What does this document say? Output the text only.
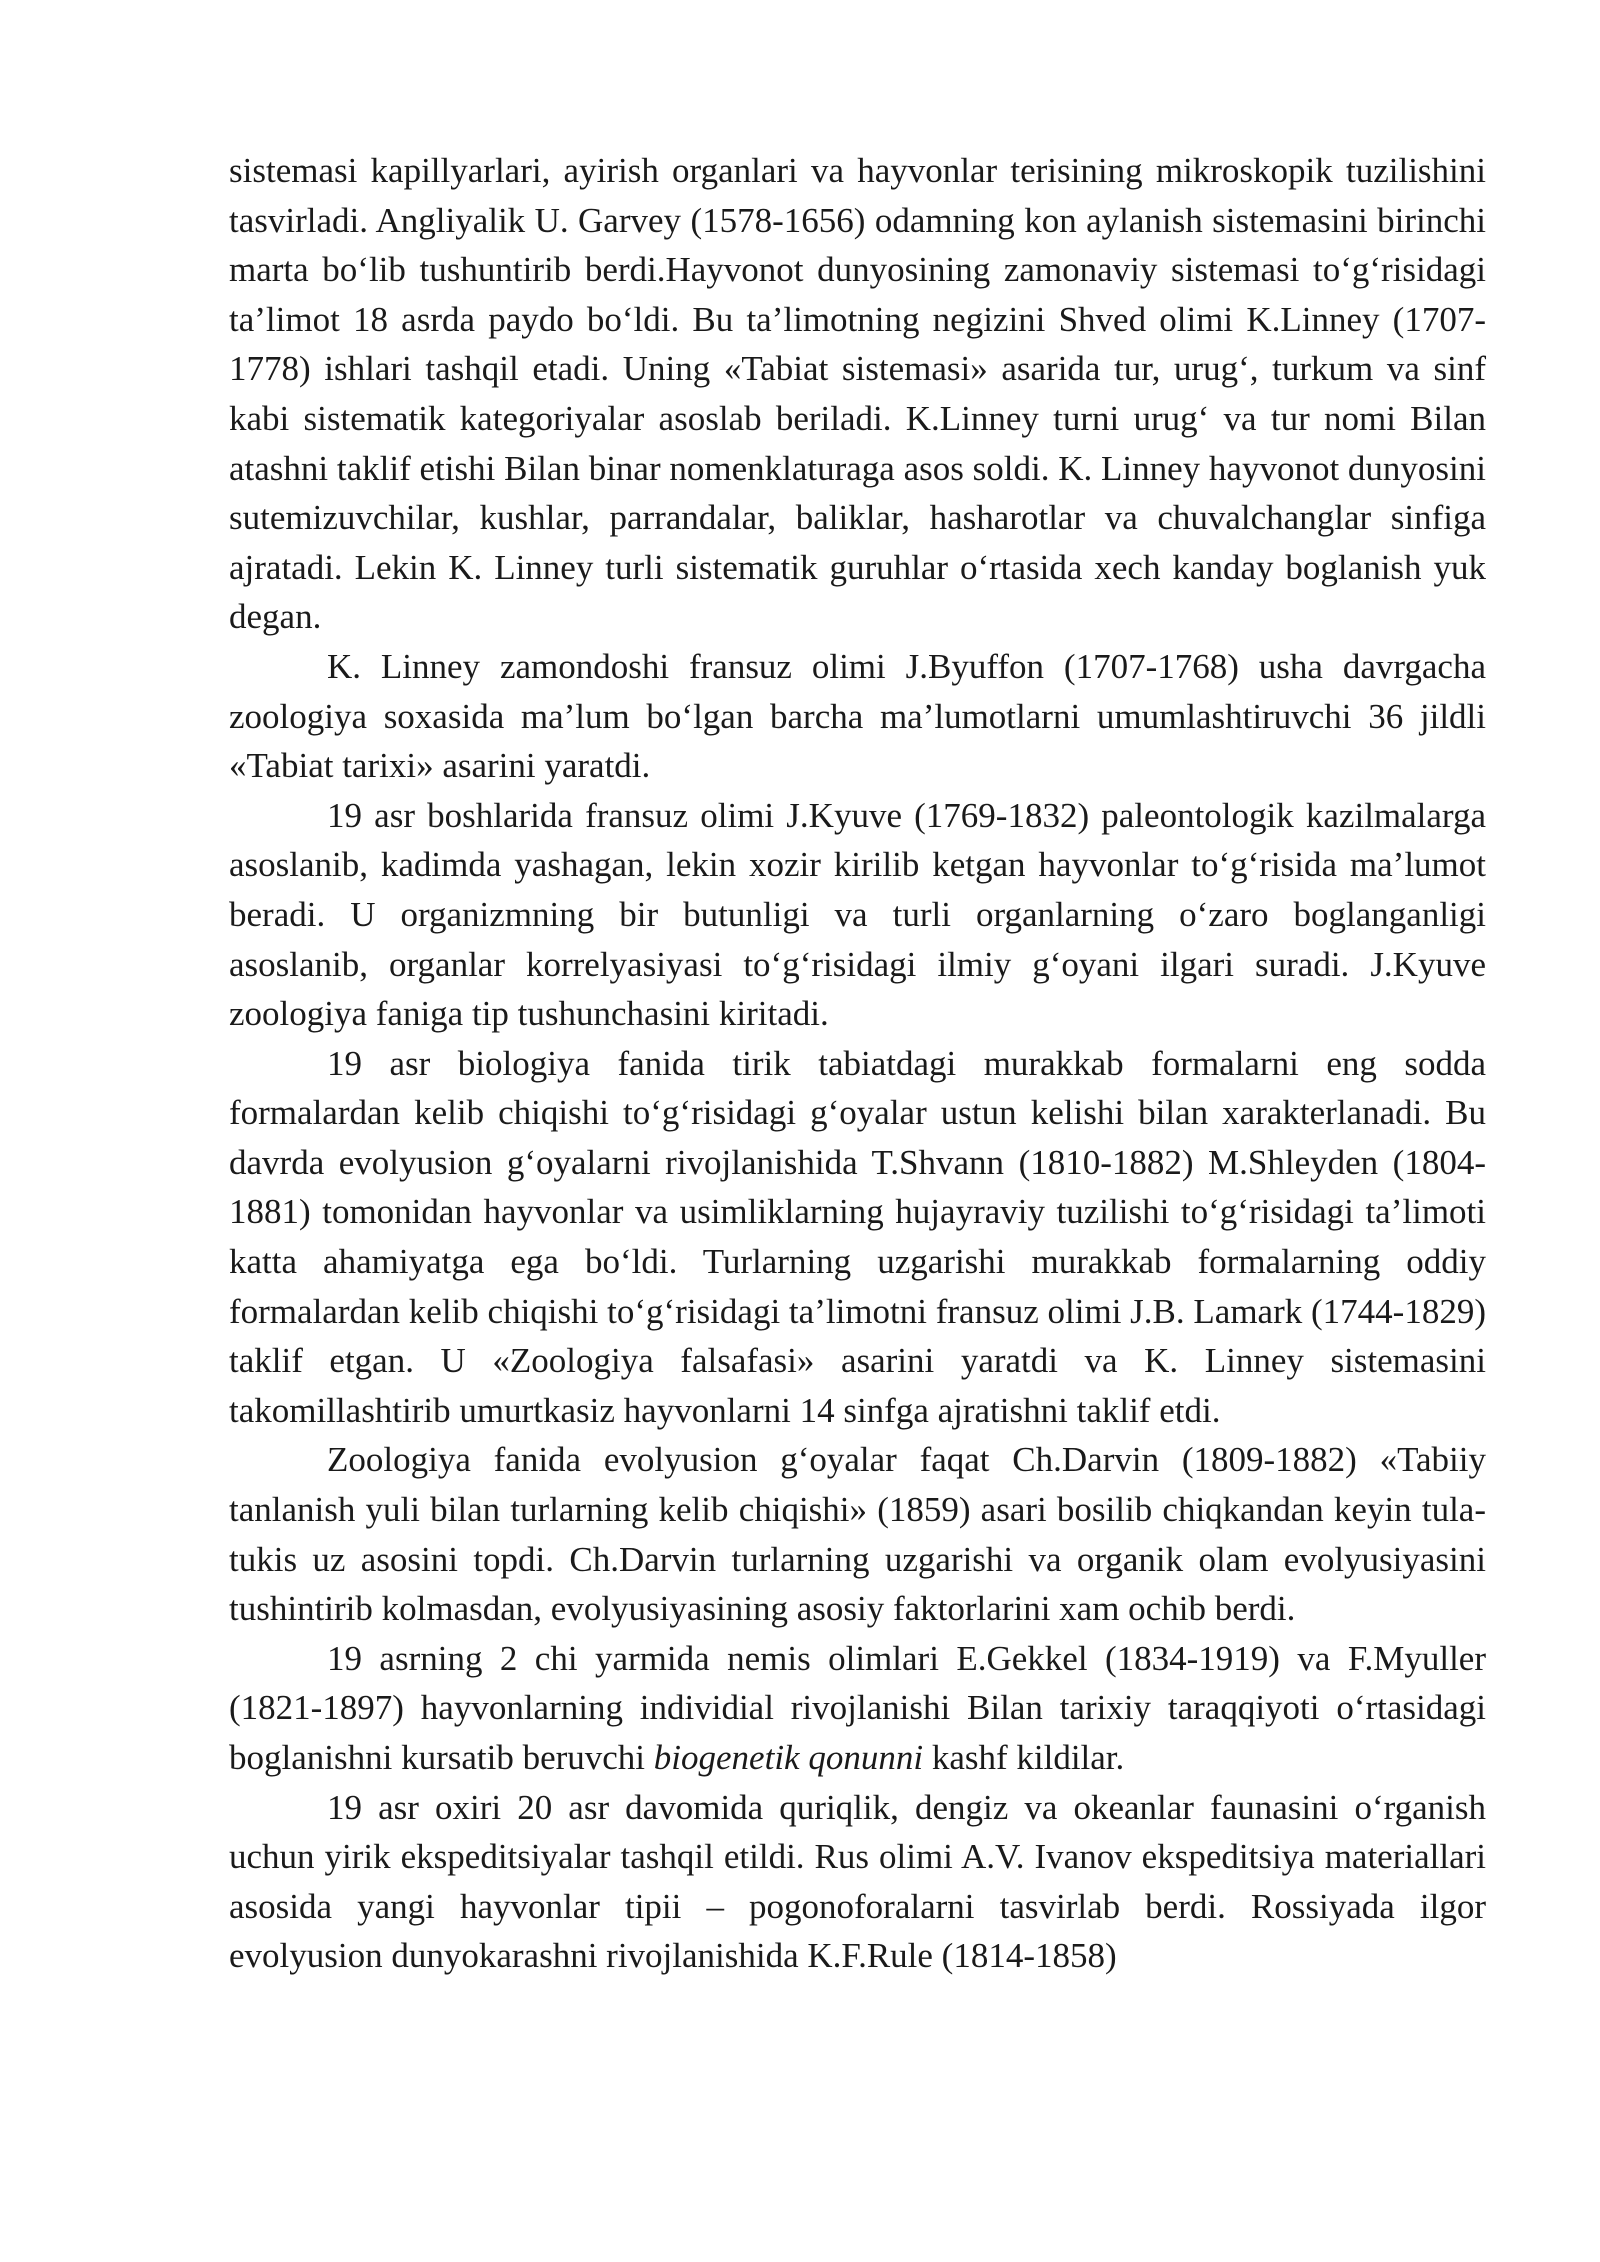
sistemasi kapillyarlari, ayirish organlari va hayvonlar terisining mikroskopik tuzilishini tasvirladi. Angliyalik U. Garvey (1578-1656) odamning kon aylanish sistemasini birinchi marta bo‘lib tushuntirib berdi.Hayvonot dunyosining zamonaviy sistemasi to‘g‘risidagi ta’limot 18 asrda paydo bo‘ldi. Bu ta’limotning negizini Shved olimi K.Linney (1707-1778) ishlari tashqil etadi. Uning «Tabiat sistemasi» asarida tur, urug‘, turkum va sinf kabi sistematik kategoriyalar asoslab beriladi. K.Linney turni urug‘ va tur nomi Bilan atashni taklif etishi Bilan binar nomenklaturaga asos soldi. K. Linney hayvonot dunyosini sutemizuvchilar, kushlar, parrandalar, baliklar, hasharotlar va chuvalchanglar sinfiga ajratadi. Lekin K. Linney turli sistematik guruhlar o‘rtasida xech kanday boglanish yuk degan.

K. Linney zamondoshi fransuz olimi J.Byuffon (1707-1768) usha davrgacha zoologiya soxasida ma’lum bo‘lgan barcha ma’lumotlarni umumlashtiruvchi 36 jildli «Tabiat tarixi» asarini yaratdi.

19 asr boshlarida fransuz olimi J.Kyuve (1769-1832) paleontologik kazilmalarga asoslanib, kadimda yashagan, lekin xozir kirilib ketgan hayvonlar to‘g‘risida ma’lumot beradi. U organizmning bir butunligi va turli organlarning o‘zaro boglanganligi asoslanib, organlar korrelyasiyasi to‘g‘risidagi ilmiy g‘oyani ilgari suradi. J.Kyuve zoologiya faniga tip tushunchasini kiritadi.

19 asr biologiya fanida tirik tabiatdagi murakkab formalarni eng sodda formalardan kelib chiqishi to‘g‘risidagi g‘oyalar ustun kelishi bilan xarakterlanadi. Bu davrda evolyusion g‘oyalarni rivojlanishida T.Shvann (1810-1882) M.Shleyden (1804-1881) tomonidan hayvonlar va usimliklarning hujayraviy tuzilishi to‘g‘risidagi ta’limoti katta ahamiyatga ega bo‘ldi. Turlarning uzgarishi murakkab formalarning oddiy formalardan kelib chiqishi to‘g‘risidagi ta’limotni fransuz olimi J.B. Lamark (1744-1829) taklif etgan. U «Zoologiya falsafasi» asarini yaratdi va K. Linney sistemasini takomillashtirib umurtkasiz hayvonlarni 14 sinfga ajratishni taklif etdi.

Zoologiya fanida evolyusion g‘oyalar faqat Ch.Darvin (1809-1882) «Tabiiy tanlanish yuli bilan turlarning kelib chiqishi» (1859) asari bosilib chiqkandan keyin tula-tukis uz asosini topdi. Ch.Darvin turlarning uzgarishi va organik olam evolyusiyasini tushintirib kolmasdan, evolyusiyasining asosiy faktorlarini xam ochib berdi.

19 asrning 2 chi yarmida nemis olimlari E.Gekkel (1834-1919) va F.Myuller (1821-1897) hayvonlarning individial rivojlanishi Bilan tarixiy taraqqiyoti o‘rtasidagi boglanishni kursatib beruvchi biogenetik qonunni kashf kildilar.

19 asr oxiri 20 asr davomida quriqlik, dengiz va okeanlar faunasini o‘rganish uchun yirik ekspeditsiyalar tashqil etildi. Rus olimi A.V. Ivanov ekspeditsiya materiallari asosida yangi hayvonlar tipii – pogonoforalarni tasvirlab berdi. Rossiyada ilgor evolyusion dunyokarashni rivojlanishida K.F.Rule (1814-1858)
